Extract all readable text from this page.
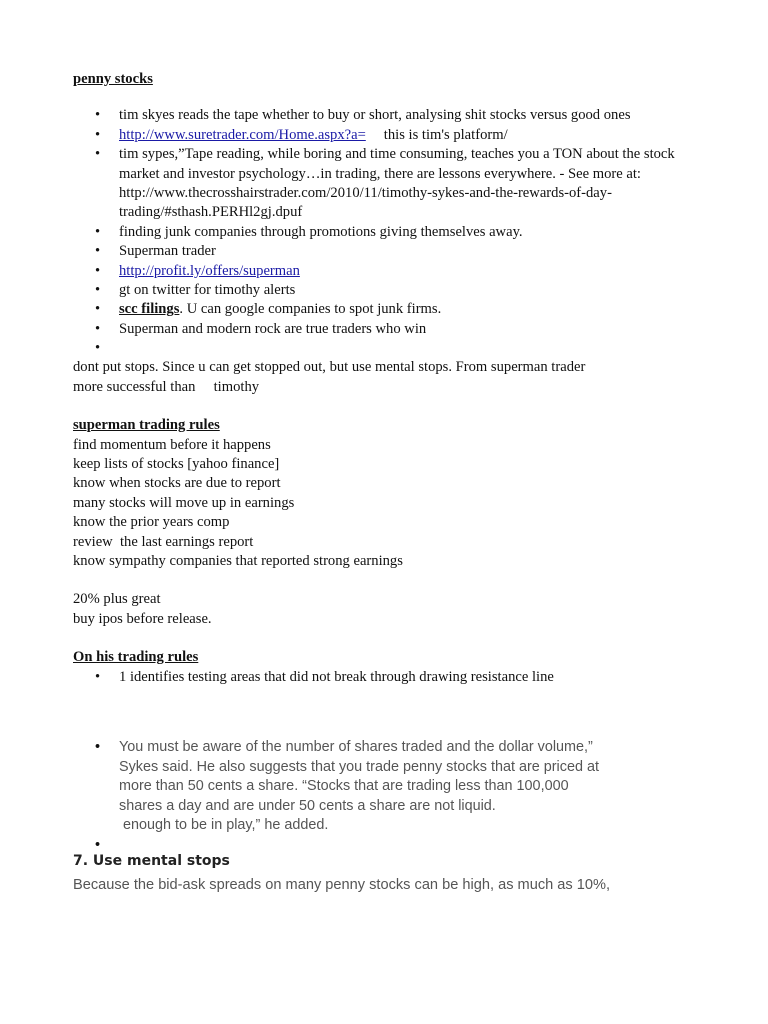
penny stocks

• tim skyes reads the tape whether to buy or short, analysing shit stocks versus good ones
• http://www.suretrader.com/Home.aspx?a= this is tim's platform/
• tim sypes,”Tape reading, while boring and time consuming, teaches you a TON about the stock market and investor psychology…in trading, there are lessons everywhere. - See more at: http://www.thecrosshairstrader.com/2010/11/timothy-sykes-and-the-rewards-of-day-trading/#sthash.PERHl2gj.dpuf
• finding junk companies through promotions giving themselves away.
• Superman trader
• http://profit.ly/offers/superman
• gt on twitter for timothy alerts
• scc filings. U can google companies to spot junk firms.
• Superman and modern rock are true traders who win
•

dont put stops. Since u can get stopped out, but use mental stops. From superman trader

more successful than     timothy

superman trading rules

find momentum before it happens

keep lists of stocks [yahoo finance]

know when stocks are due to report

many stocks will move up in earnings

know the prior years comp

review  the last earnings report

know sympathy companies that reported strong earnings

20% plus great

buy ipos before release.

On his trading rules

• 1 identifies testing areas that did not break through drawing resistance line
• You must be aware of the number of shares traded and the dollar volume,”
Sykes said. He also suggests that you trade penny stocks that are priced at
more than 50 cents a share. “Stocks that are trading less than 100,000
shares a day and are under 50 cents a share are not liquid.
enough to be in play,” he added.
•

7. Use mental stops

Because the bid-ask spreads on many penny stocks can be high, as much as 10%,
